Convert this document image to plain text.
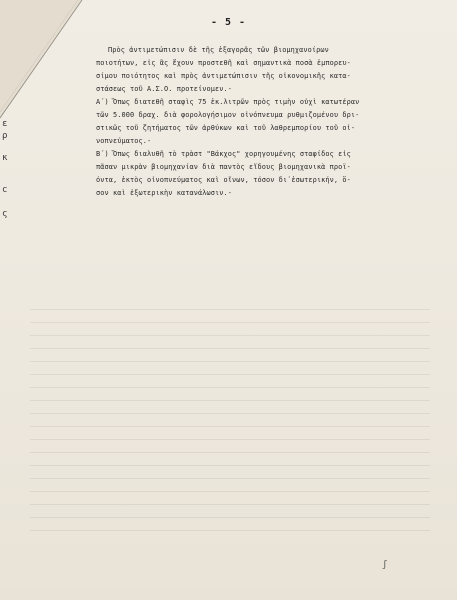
ε
ρ
κ
c
ς
- 5 -
Πρὸς ἀντιμετώπισιν δὲ τῆς ἐξαγορᾶς τῶν βιομηχανοίρων
ποιοτήτων, εἰς ἃς ἔχουν προστεθῆ καὶ σημαντικὰ ποσὰ ἐμπορευ-
σίμου ποιότητος καὶ πρὸς ἀντιμετώπισιν τῆς οἰκονομικῆς κατα-
στάσεως τοῦ Α.Σ.Ο. προτείνομεν.-
Α΄) Ὅπως διατεθῆ σταφὶς 75 ἑκ.λιτρῶν πρὸς τιμὴν οὐχὶ κατωτέραν
τῶν 5.000 δραχ. διὰ φορολογήσιμον οἰνόπνευμα ρυθμιζομένου δρι-
στικῶς τοῦ ζητήματος τῶν ἀρθύκων καὶ τοῦ λαθρεμπορίου τοῦ οἰ-
νοπνεύματος.-
Β΄) Ὅπως διαλυθῆ τὸ τρὰστ "Βάκχος" χορηγουμένης σταφίδος εἰς
πᾶσαν μικρὰν βιομηχανίαν διὰ παντὸς εἴδους βιομηχανικὰ προϊ-
όντα, ἐκτὸς οἰνοπνεύματος καὶ οἴνων, τόσον δι᾽ἐσωτερικήν, ὅ-
σον καὶ ἐξωτερικὴν κατανάλωσιν.-
ʃ
